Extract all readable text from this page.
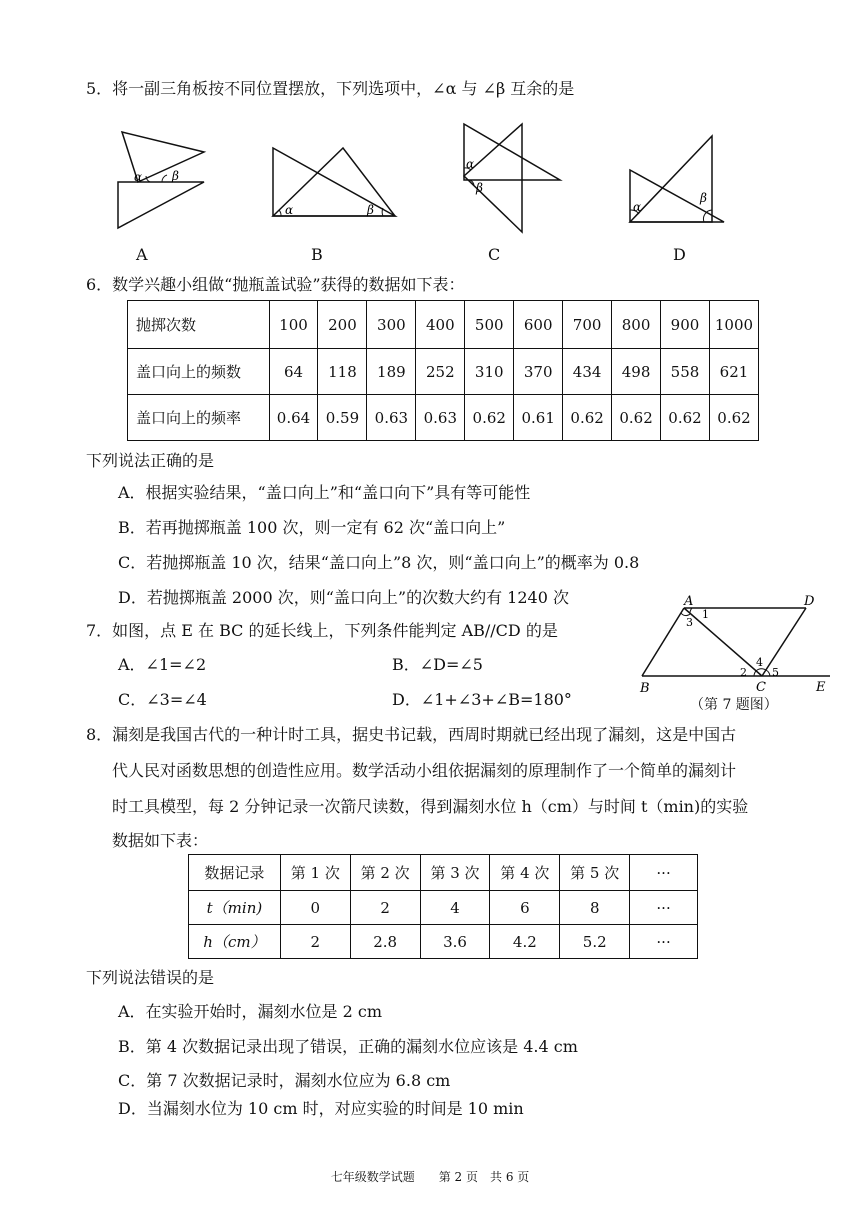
5．将一副三角板按不同位置摆放，下列选项中，∠α 与 ∠β 互余的是
α β
α	β
α
β
α
β
A	B	C	D
6．数学兴趣小组做“抛瓶盖试验”获得的数据如下表：
抛掷次数	100	200	300	400	500	600	700	800	900	1000
盖口向上的频数	64	118	189	252	310	370	434	498	558	621
盖口向上的频率	0.64	0.59	0.63	0.63	0.62	0.61	0.62	0.62	0.62	0.62
下列说法正确的是
A．根据实验结果，“盖口向上”和“盖口向下”具有等可能性
B．若再抛掷瓶盖 100 次，则一定有 62 次“盖口向上”
C．若抛掷瓶盖 10 次，结果“盖口向上”8 次，则“盖口向上”的概率为 0.8
D．若抛掷瓶盖 2000 次，则“盖口向上”的次数大约有 1240 次
7．如图，点 E 在 BC 的延长线上，下列条件能判定 AB//CD 的是
A．∠1=∠2	B．∠D=∠5
C．∠3=∠4	D．∠1+∠3+∠B=180°
A	D
B	C	E
1
2
3
4
5
（第 7 题图）
8．漏刻是我国古代的一种计时工具，据史书记载，西周时期就已经出现了漏刻，这是中国古
代人民对函数思想的创造性应用。数学活动小组依据漏刻的原理制作了一个简单的漏刻计
时工具模型，每 2 分钟记录一次箭尺读数，得到漏刻水位 h（cm）与时间 t（min)的实验
数据如下表：
数据记录	第 1 次	第 2 次	第 3 次	第 4 次	第 5 次	···
t（min)	0	2	4	6	8	···
h（cm）	2	2.8	3.6	4.2	5.2	···
下列说法错误的是
A．在实验开始时，漏刻水位是 2 cm
B．第 4 次数据记录出现了错误，正确的漏刻水位应该是 4.4 cm
C．第 7 次数据记录时，漏刻水位应为 6.8 cm
D．当漏刻水位为 10 cm 时，对应实验的时间是 10 min
七年级数学试题　　第 2 页　共 6 页
